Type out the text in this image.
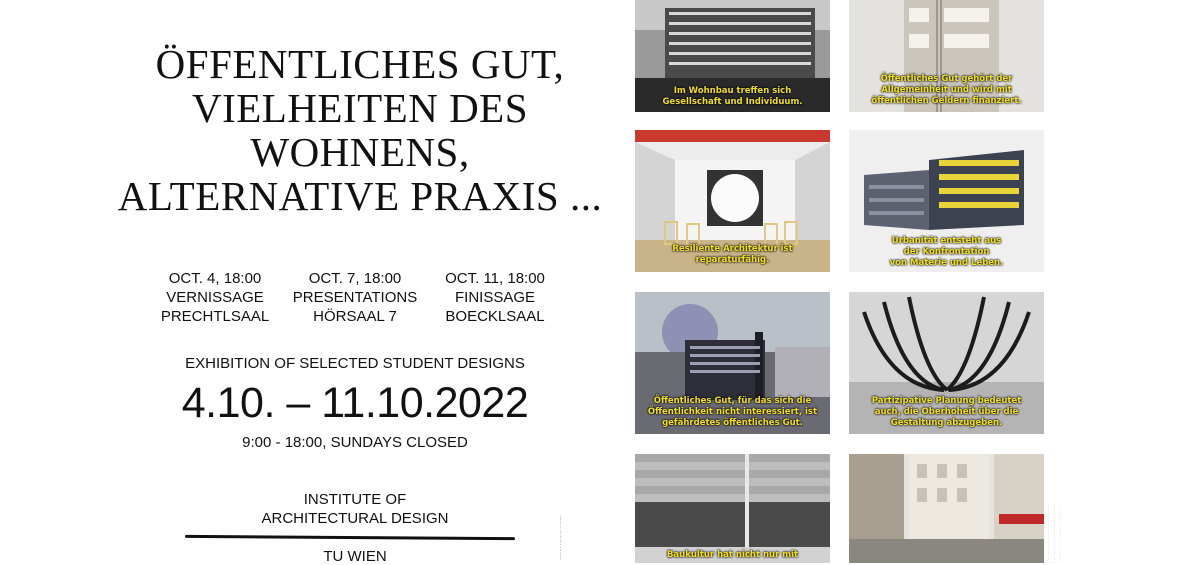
ÖFFENTLICHES GUT,
VIELHEITEN DES
WOHNENS,
ALTERNATIVE PRAXIS ...
OCT. 4, 18:00
VERNISSAGE
PRECHTLSAAL
OCT. 7, 18:00
PRESENTATIONS
HÖRSAAL 7
OCT. 11, 18:00
FINISSAGE
BOECKLSAAL
EXHIBITION OF SELECTED STUDENT DESIGNS
4.10. – 11.10.2022
9:00 - 18:00, SUNDAYS CLOSED
INSTITUTE OF
ARCHITECTURAL DESIGN
TU WIEN	········ ········· ········	· · · · · · · · · · · · · · · · · · · · · · · ·
· · · · · · · · · · · · · · · · · · · · · · · ·
· · · · · · · · · · · · · · · · · · · · · · · ·
Im Wohnbau treffen sich
Gesellschaft und Individuum.
Öffentliches Gut gehört der
Allgemeinheit und wird mit
öffentlichen Geldern finanziert.
Resiliente Architektur ist
reparaturfähig.
Urbanität entsteht aus
der Konfrontation
von Materie und Leben.
Öffentliches Gut, für das sich die
Öffentlichkeit nicht interessiert, ist
gefährdetes öffentliches Gut.
Partizipative Planung bedeutet
auch, die Oberhoheit über die
Gestaltung abzugeben.
Baukultur hat nicht nur mit
